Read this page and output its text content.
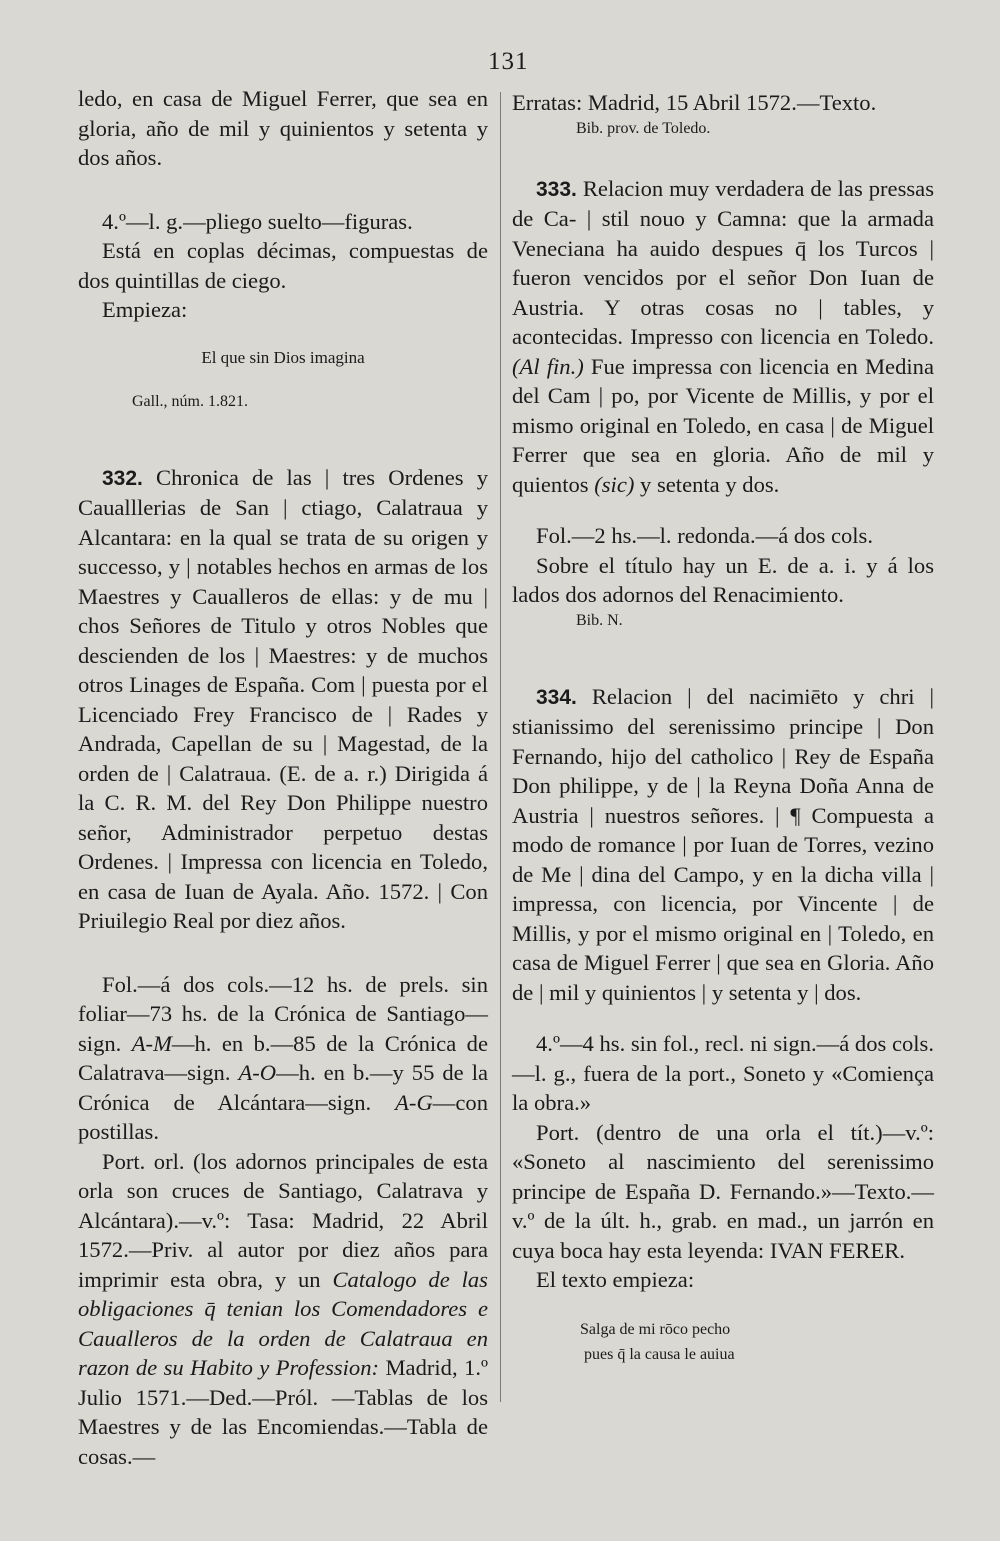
131

ledo, en casa de Miguel Ferrer, que sea en gloria, año de mil y quinientos y setenta y dos años.

4.º—l. g.—pliego suelto—figuras.

Está en coplas décimas, compuestas de dos quintillas de ciego.

Empieza:

El que sin Dios imagina

Gall., núm. 1.821.

332. Chronica de las | tres Ordenes y Caualllerias de San | ctiago, Calatraua y Alcantara: en la qual se trata de su origen y successo, y | notables hechos en armas de los Maestres y Caualleros de ellas: y de mu | chos Señores de Titulo y otros Nobles que descienden de los | Maestres: y de muchos otros Linages de España. Com | puesta por el Licenciado Frey Francisco de | Rades y Andrada, Capellan de su | Magestad, de la orden de | Calatraua. (E. de a. r.) Dirigida á la C. R. M. del Rey Don Philippe nuestro señor, Administrador perpetuo destas Ordenes. | Impressa con licencia en Toledo, en casa de Iuan de Ayala. Año. 1572. | Con Priuilegio Real por diez años.

Fol.—á dos cols.—12 hs. de prels. sin foliar—73 hs. de la Crónica de Santiago—sign. A-M—h. en b.—85 de la Crónica de Calatrava—sign. A-O—h. en b.—y 55 de la Crónica de Alcántara—sign. A-G—con postillas.

Port. orl. (los adornos principales de esta orla son cruces de Santiago, Calatrava y Alcántara).—v.º: Tasa: Madrid, 22 Abril 1572.—Priv. al autor por diez años para imprimir esta obra, y un Catalogo de las obligaciones q̄ tenian los Comendadores e Caualleros de la orden de Calatraua en razon de su Habito y Profession: Madrid, 1.º Julio 1571.—Ded.—Pról. —Tablas de los Maestres y de las Encomiendas.—Tabla de cosas.—

Erratas: Madrid, 15 Abril 1572.—Texto.

Bib. prov. de Toledo.

333. Relacion muy verdadera de las pressas de Ca- | stil nouo y Camna: que la armada Veneciana ha auido despues q̄ los Turcos | fueron vencidos por el señor Don Iuan de Austria. Y otras cosas no | tables, y acontecidas. Impresso con licencia en Toledo. (Al fin.) Fue impressa con licencia en Medina del Cam | po, por Vicente de Millis, y por el mismo original en Toledo, en casa | de Miguel Ferrer que sea en gloria. Año de mil y quientos (sic) y setenta y dos.

Fol.—2 hs.—l. redonda.—á dos cols.

Sobre el título hay un E. de a. i. y á los lados dos adornos del Renacimiento.

Bib. N.

334. Relacion | del nacimiēto y chri | stianissimo del serenissimo principe | Don Fernando, hijo del catholico | Rey de España Don philippe, y de | la Reyna Doña Anna de Austria | nuestros señores. | ¶ Compuesta a modo de romance | por Iuan de Torres, vezino de Me | dina del Campo, y en la dicha villa | impressa, con licencia, por Vincente | de Millis, y por el mismo original en | Toledo, en casa de Miguel Ferrer | que sea en Gloria. Año de | mil y quinientos | y setenta y | dos.

4.º—4 hs. sin fol., recl. ni sign.—á dos cols.—l. g., fuera de la port., Soneto y «Comiença la obra.»

Port. (dentro de una orla el tít.)—v.º: «Soneto al nascimiento del serenissimo principe de España D. Fernando.»—Texto.—v.º de la últ. h., grab. en mad., un jarrón en cuya boca hay esta leyenda: IVAN FERER.

El texto empieza:

Salga de mi rōco pecho

pues q̄ la causa le auiua
